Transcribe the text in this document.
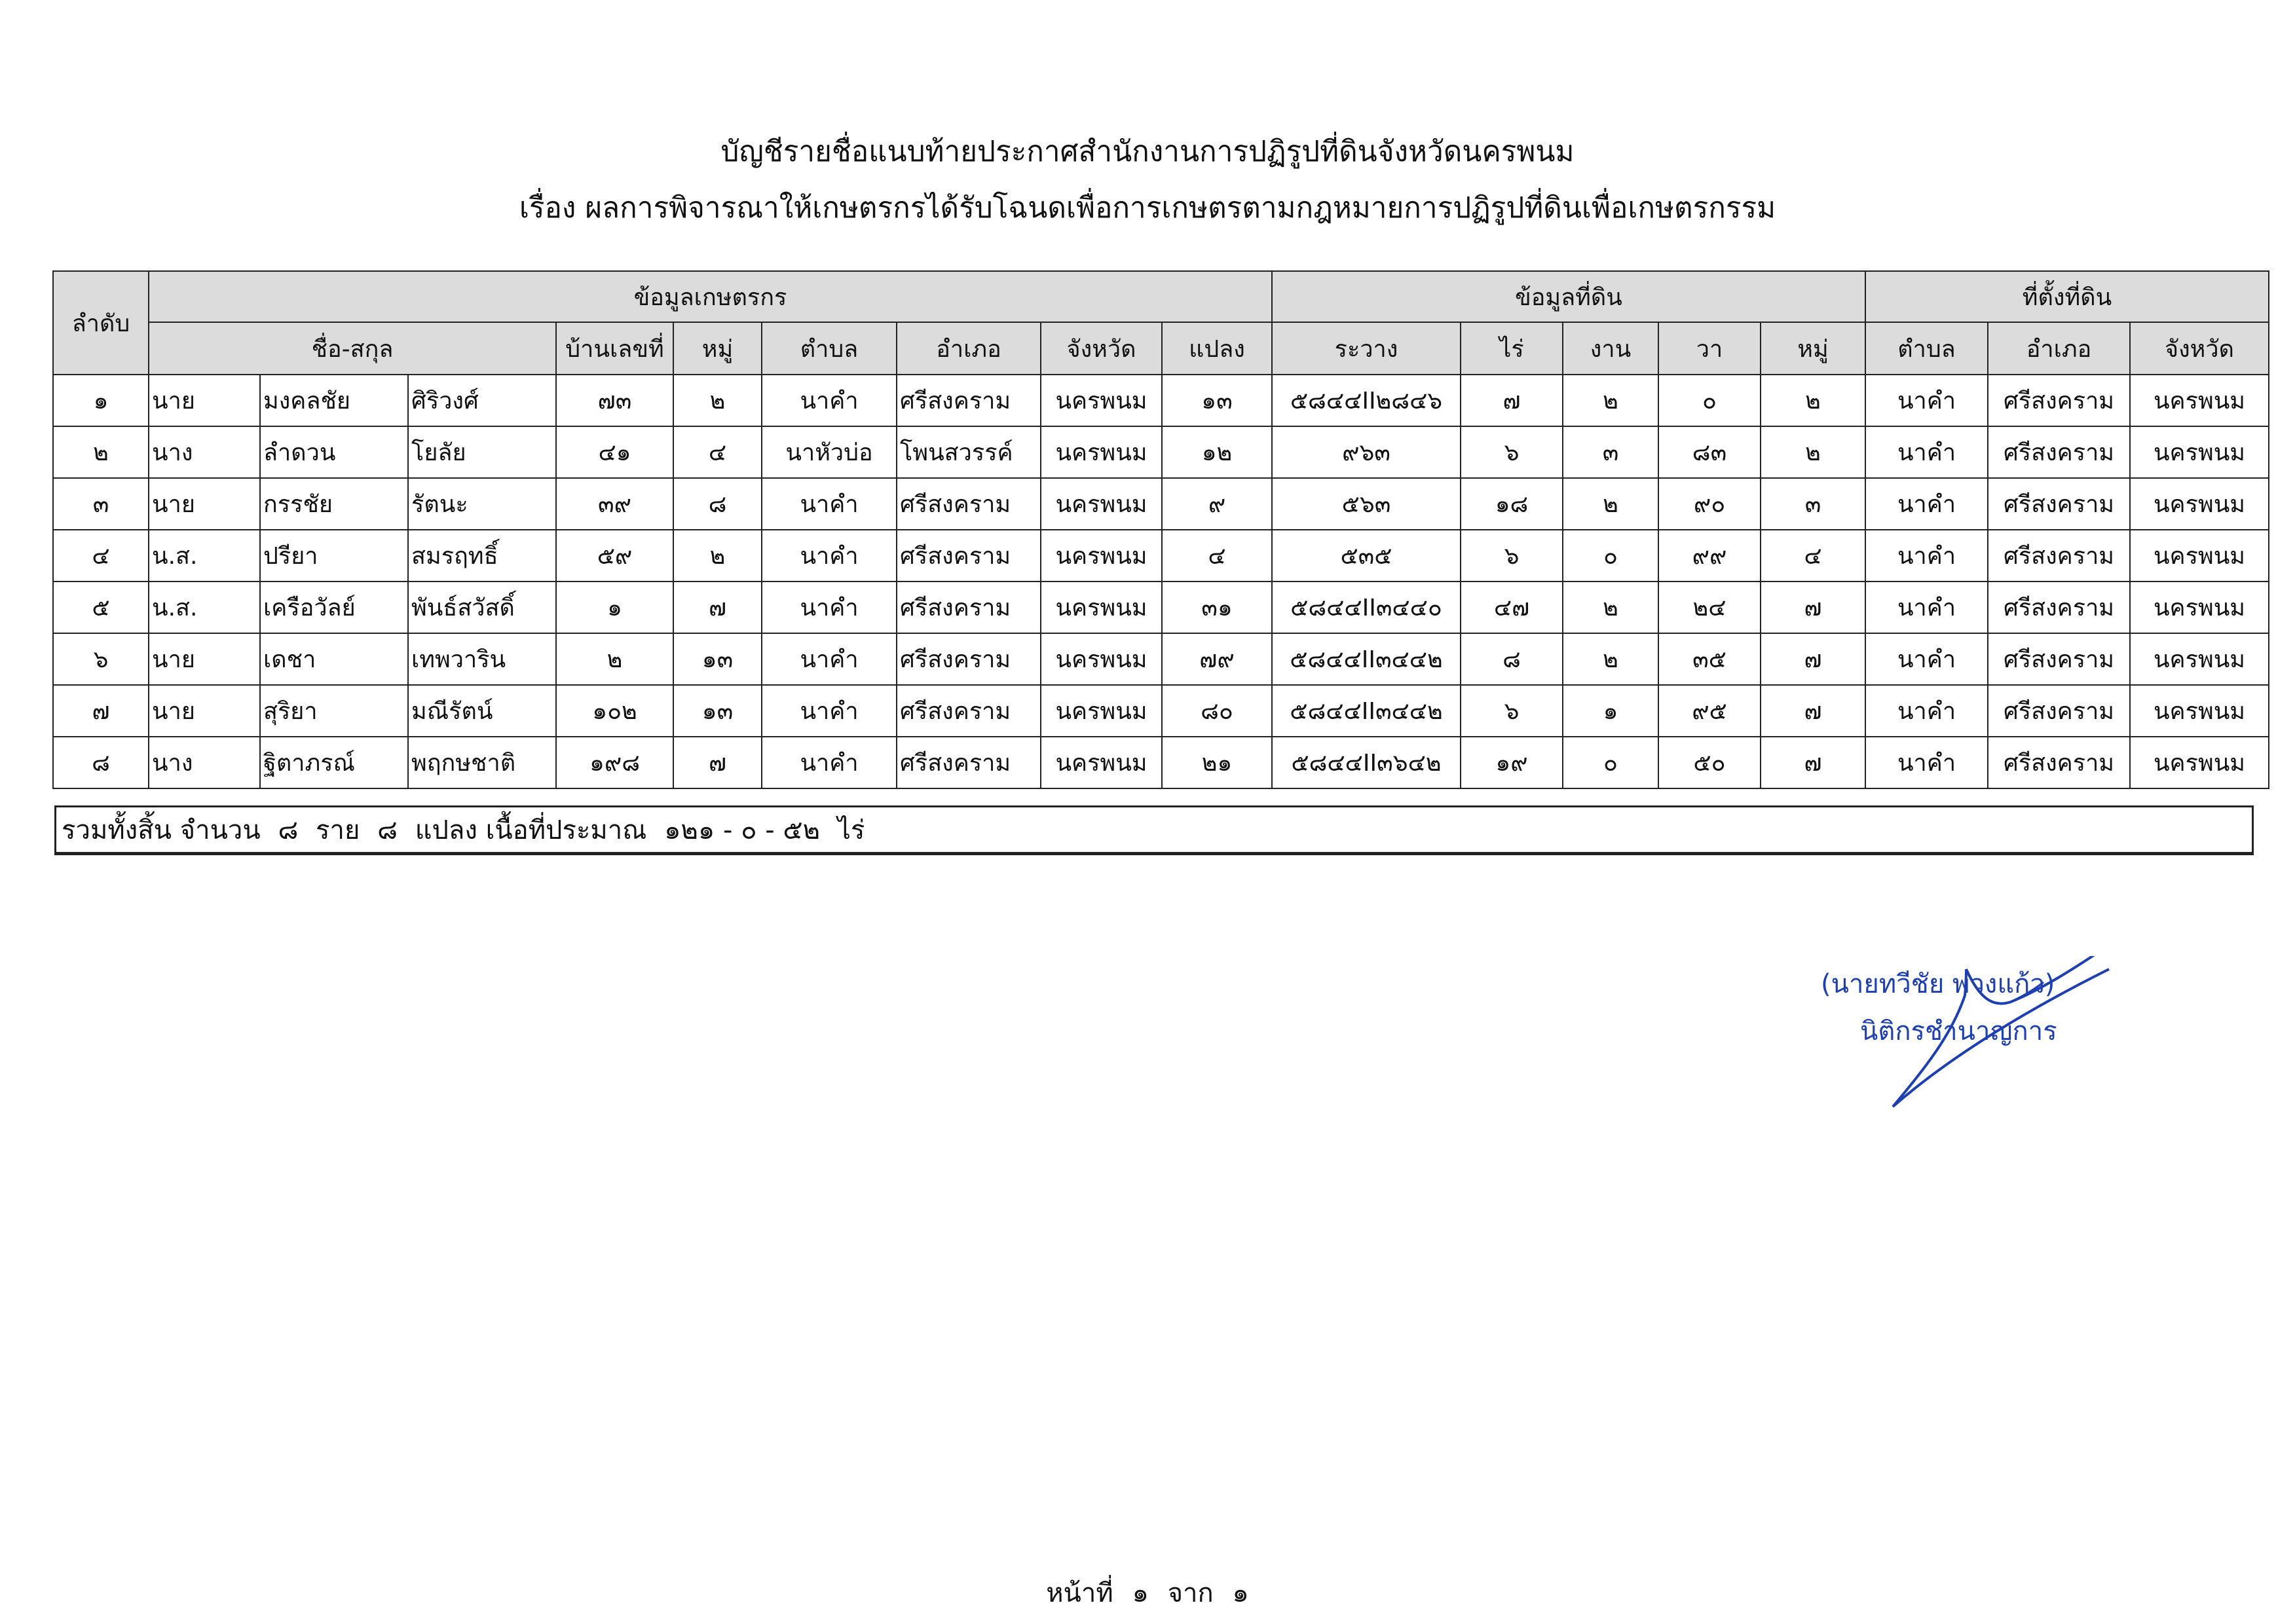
บัญชีรายชื่อแนบท้ายประกาศสำนักงานการปฏิรูปที่ดินจังหวัดนครพนม
เรื่อง ผลการพิจารณาให้เกษตรกรได้รับโฉนดเพื่อการเกษตรตามกฎหมายการปฏิรูปที่ดินเพื่อเกษตรกรรม
ลำดับ	ข้อมูลเกษตรกร									ข้อมูลที่ดิน					ที่ตั้งที่ดิน		
	ชื่อ-สกุล			บ้านเลขที่	หมู่	ตำบล	อำเภอ	จังหวัด	แปลง	ระวาง	ไร่	งาน	วา	หมู่	ตำบล	อำเภอ	จังหวัด
๑	นาย	มงคลชัย	ศิริวงศ์	๗๓	๒	นาคำ	ศรีสงคราม	นครพนม	๑๓	๕๘๔๔II๒๘๔๖	๗	๒	๐	๒	นาคำ	ศรีสงคราม	นครพนม
๒	นาง	ลำดวน	โยลัย	๔๑	๔	นาหัวบ่อ	โพนสวรรค์	นครพนม	๑๒	๙๖๓	๖	๓	๘๓	๒	นาคำ	ศรีสงคราม	นครพนม
๓	นาย	กรรชัย	รัตนะ	๓๙	๘	นาคำ	ศรีสงคราม	นครพนม	๙	๕๖๓	๑๘	๒	๙๐	๓	นาคำ	ศรีสงคราม	นครพนม
๔	น.ส.	ปรียา	สมรฤทธิ์	๕๙	๒	นาคำ	ศรีสงคราม	นครพนม	๔	๕๓๕	๖	๐	๙๙	๔	นาคำ	ศรีสงคราม	นครพนม
๕	น.ส.	เครือวัลย์	พันธ์สวัสดิ์	๑	๗	นาคำ	ศรีสงคราม	นครพนม	๓๑	๕๘๔๔II๓๔๔๐	๔๗	๒	๒๔	๗	นาคำ	ศรีสงคราม	นครพนม
๖	นาย	เดชา	เทพวาริน	๒	๑๓	นาคำ	ศรีสงคราม	นครพนม	๗๙	๕๘๔๔II๓๔๔๒	๘	๒	๓๕	๗	นาคำ	ศรีสงคราม	นครพนม
๗	นาย	สุริยา	มณีรัตน์	๑๐๒	๑๓	นาคำ	ศรีสงคราม	นครพนม	๘๐	๕๘๔๔II๓๔๔๒	๖	๑	๙๕	๗	นาคำ	ศรีสงคราม	นครพนม
๘	นาง	ฐิตาภรณ์	พฤกษชาติ	๑๙๘	๗	นาคำ	ศรีสงคราม	นครพนม	๒๑	๕๘๔๔II๓๖๔๒	๑๙	๐	๕๐	๗	นาคำ	ศรีสงคราม	นครพนม
รวมทั้งสิ้น จำนวน ๘ ราย ๘ แปลง เนื้อที่ประมาณ ๑๒๑ - ๐ - ๕๒ ไร่
(นายทวีชัย พวงแก้ว)
นิติกรชำนาญการ
หน้าที่ ๑ จาก ๑
